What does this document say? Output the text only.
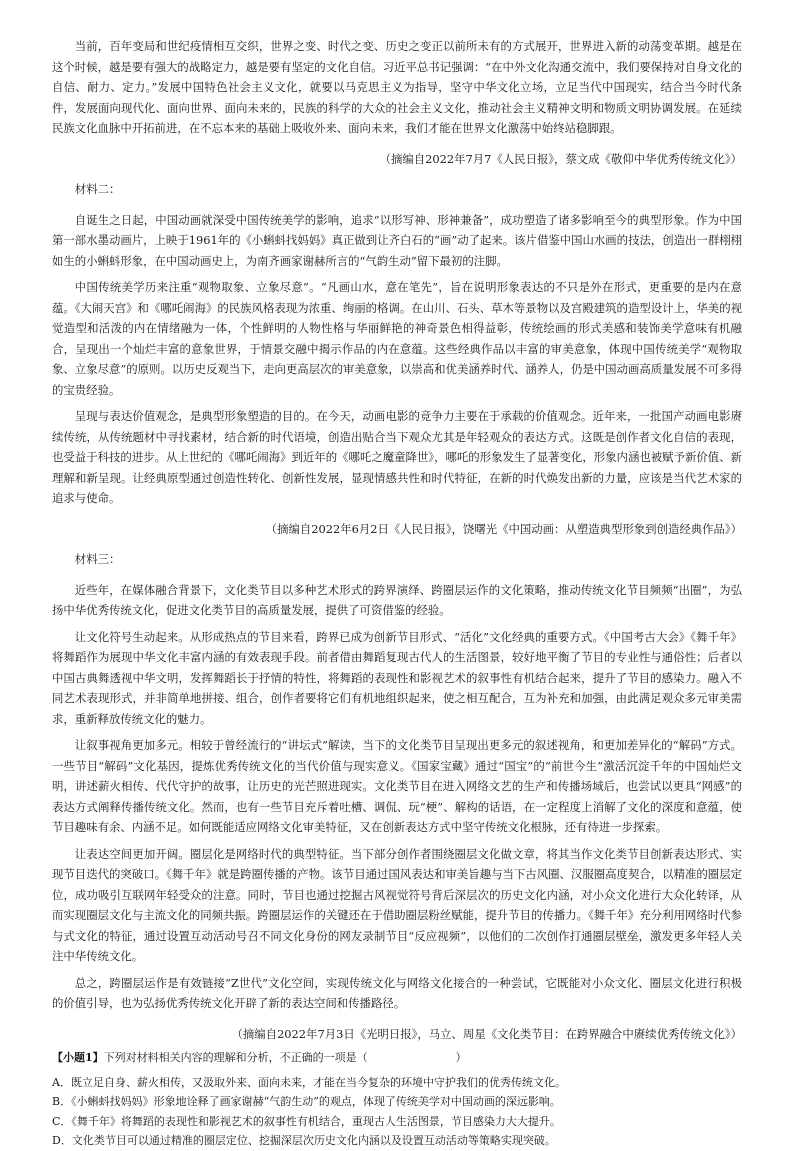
当前，百年变局和世纪疫情相互交织，世界之变、时代之变、历史之变正以前所未有的方式展开，世界进入新的动荡变革期。越是在这个时候，越是要有强大的战略定力，越是要有坚定的文化自信。习近平总书记强调：“在中外文化沟通交流中，我们要保持对自身文化的自信、耐力、定力。”发展中国特色社会主义文化，就要以马克思主义为指导，坚守中华文化立场，立足当代中国现实，结合当今时代条件，发展面向现代化、面向世界、面向未来的，民族的科学的大众的社会主义文化，推动社会主义精神文明和物质文明协调发展。在延续民族文化血脉中开拓前进，在不忘本来的基础上吸收外来、面向未来，我们才能在世界文化激荡中始终站稳脚跟。

（摘编自2022年7月7《人民日报》，蔡文成《敬仰中华优秀传统文化》）

材料二：

自诞生之日起，中国动画就深受中国传统美学的影响，追求“以形写神、形神兼备”，成功塑造了诸多影响至今的典型形象。作为中国第一部水墨动画片，上映于1961年的《小蝌蚪找妈妈》真正做到让齐白石的“画”动了起来。该片借鉴中国山水画的技法，创造出一群栩栩如生的小蝌蚪形象，在中国动画史上，为南齐画家谢赫所言的“气韵生动”留下最初的注脚。

中国传统美学历来注重“观物取象、立象尽意”。“凡画山水，意在笔先”，旨在说明形象表达的不只是外在形式，更重要的是内在意蕴。《大闹天宫》和《哪吒闹海》的民族风格表现为浓重、绚丽的格调。在山川、石头、草木等景物以及宫殿建筑的造型设计上，华美的视觉造型和活泼的内在情绪融为一体，个性鲜明的人物性格与华丽鲜艳的神奇景色相得益彰，传统绘画的形式美感和装饰美学意味有机融合，呈现出一个灿烂丰富的意象世界，于情景交融中揭示作品的内在意蕴。这些经典作品以丰富的审美意象，体现中国传统美学“观物取象、立象尽意”的原则。以历史反观当下，走向更高层次的审美意象，以崇高和优美涵养时代、涵养人，仍是中国动画高质量发展不可多得的宝贵经验。

呈现与表达价值观念，是典型形象塑造的目的。在今天，动画电影的竞争力主要在于承载的价值观念。近年来，一批国产动画电影赓续传统，从传统题材中寻找素材，结合新的时代语境，创造出贴合当下观众尤其是年轻观众的表达方式。这既是创作者文化自信的表现，也受益于科技的进步。从上世纪的《哪吒闹海》到近年的《哪吒之魔童降世》，哪吒的形象发生了显著变化，形象内涵也被赋予新价值、新理解和新呈现。让经典原型通过创造性转化、创新性发展，显现情感共性和时代特征，在新的时代焕发出新的力量，应该是当代艺术家的追求与使命。

（摘编自2022年6月2日《人民日报》，饶曙光《中国动画：从塑造典型形象到创造经典作品》）

材料三：

近些年，在媒体融合背景下，文化类节目以多种艺术形式的跨界演绎、跨圈层运作的文化策略，推动传统文化节目频频“出圈”，为弘扬中华优秀传统文化，促进文化类节目的高质量发展，提供了可资借鉴的经验。

让文化符号生动起来。从形成热点的节目来看，跨界已成为创新节目形式、“活化”文化经典的重要方式。《中国考古大会》《舞千年》将舞蹈作为展现中华文化丰富内涵的有效表现手段。前者借由舞蹈复现古代人的生活图景，较好地平衡了节目的专业性与通俗性；后者以中国古典舞透视中华文明，发挥舞蹈长于抒情的特性，将舞蹈的表现性和影视艺术的叙事性有机结合起来，提升了节目的感染力。融入不同艺术表现形式，并非简单地拼接、组合，创作者要将它们有机地组织起来，使之相互配合，互为补充和加强，由此满足观众多元审美需求，重新释放传统文化的魅力。

让叙事视角更加多元。相较于曾经流行的“讲坛式”解读，当下的文化类节目呈现出更多元的叙述视角，和更加差异化的“解码”方式。一些节目“解码”文化基因，提炼优秀传统文化的当代价值与现实意义。《国家宝藏》通过“国宝”的“前世今生”激活沉淀千年的中国灿烂文明，讲述薪火相传、代代守护的故事，让历史的光芒照进现实。文化类节目在进入网络文艺的生产和传播场域后，也尝试以更具“网感”的表达方式阐释传播传统文化。然而，也有一些节目充斥着吐槽、调侃、玩“梗”、解构的话语，在一定程度上消解了文化的深度和意蕴，使节目趣味有余、内涵不足。如何既能适应网络文化审美特征，又在创新表达方式中坚守传统文化根脉，还有待进一步探索。

让表达空间更加开阔。圈层化是网络时代的典型特征。当下部分创作者围绕圈层文化做文章，将其当作文化类节目创新表达形式、实现节目迭代的突破口。《舞千年》就是跨圈传播的产物。该节目通过国风表达和审美旨趣与当下古风圈、汉服圈高度契合，以精准的圈层定位，成功吸引互联网年轻受众的注意。同时，节目也通过挖掘古风视觉符号背后深层次的历史文化内涵，对小众文化进行大众化转译，从而实现圈层文化与主流文化的同频共振。跨圈层运作的关键还在于借助圈层粉丝赋能，提升节目的传播力。《舞千年》充分利用网络时代参与式文化的特征，通过设置互动活动号召不同文化身份的网友录制节目“反应视频”，以他们的二次创作打通圈层壁垒，激发更多年轻人关注中华传统文化。

总之，跨圈层运作是有效链接“Z世代”文化空间，实现传统文化与网络文化接合的一种尝试，它既能对小众文化、圈层文化进行积极的价值引导，也为弘扬优秀传统文化开辟了新的表达空间和传播路径。

（摘编自2022年7月3日《光明日报》，马立、周星《文化类节目：在跨界融合中赓续优秀传统文化》）

【小题1】下列对材料相关内容的理解和分析，不正确的一项是（　　　　　　　　）

A．既立足自身、薪火相传，又汲取外来、面向未来，才能在当今复杂的环境中守护我们的优秀传统文化。

B．《小蝌蚪找妈妈》形象地诠释了画家谢赫“气韵生动”的观点，体现了传统美学对中国动画的深远影响。

C．《舞千年》将舞蹈的表现性和影视艺术的叙事性有机结合，重现古人生活图景，节目感染力大大提升。

D．文化类节目可以通过精准的圈层定位、挖掘深层次历史文化内涵以及设置互动活动等策略实现突破。
